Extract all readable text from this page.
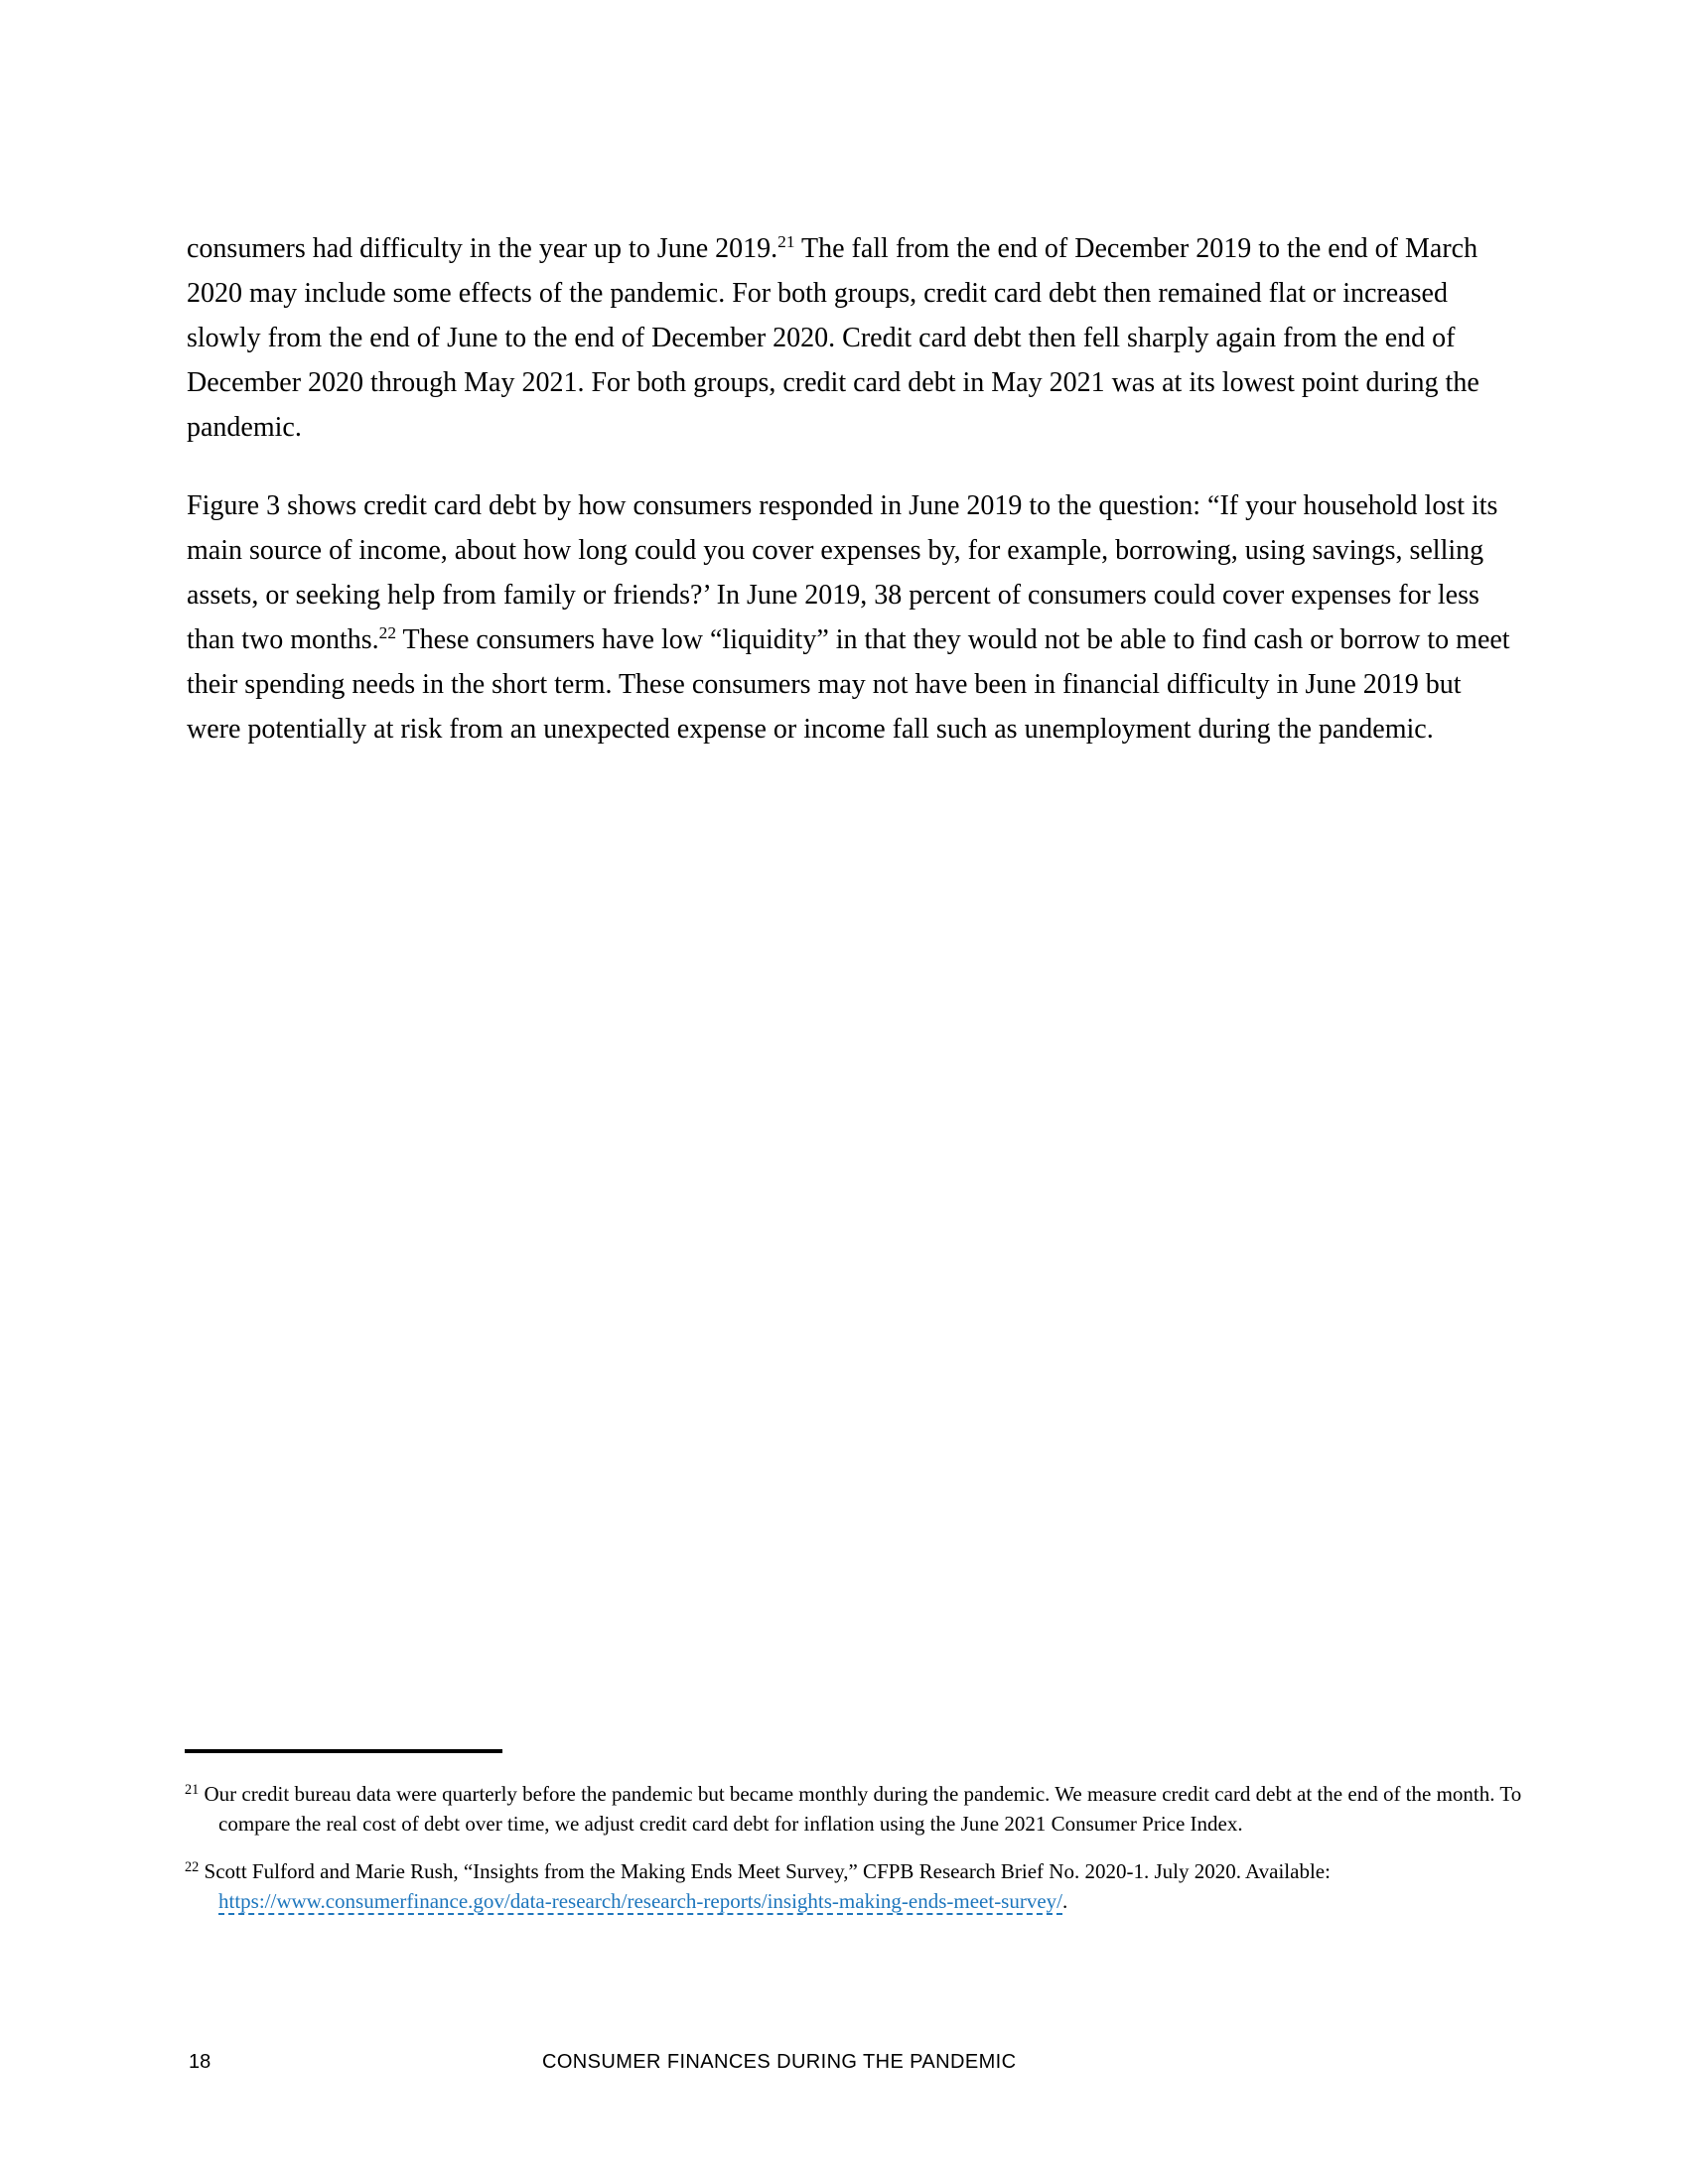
consumers had difficulty in the year up to June 2019.21 The fall from the end of December 2019 to the end of March 2020 may include some effects of the pandemic. For both groups, credit card debt then remained flat or increased slowly from the end of June to the end of December 2020. Credit card debt then fell sharply again from the end of December 2020 through May 2021. For both groups, credit card debt in May 2021 was at its lowest point during the pandemic.

Figure 3 shows credit card debt by how consumers responded in June 2019 to the question: “If your household lost its main source of income, about how long could you cover expenses by, for example, borrowing, using savings, selling assets, or seeking help from family or friends?’ In June 2019, 38 percent of consumers could cover expenses for less than two months.$^{22}$ These consumers have low “liquidity” in that they would not be able to find cash or borrow to meet their spending needs in the short term. These consumers may not have been in financial difficulty in June 2019 but were potentially at risk from an unexpected expense or income fall such as unemployment during the pandemic.

$^{21}$ Our credit bureau data were quarterly before the pandemic but became monthly during the pandemic. We measure credit card debt at the end of the month. To compare the real cost of debt over time, we adjust credit card debt for inflation using the June 2021 Consumer Price Index.
$^{22}$ Scott Fulford and Marie Rush, “Insights from the Making Ends Meet Survey,” CFPB Research Brief No. 2020-1. July 2020. Available: https://www.consumerfinance.gov/data-research/research-reports/insights-making-ends-meet-survey/.
18	CONSUMER FINANCES DURING THE PANDEMIC
